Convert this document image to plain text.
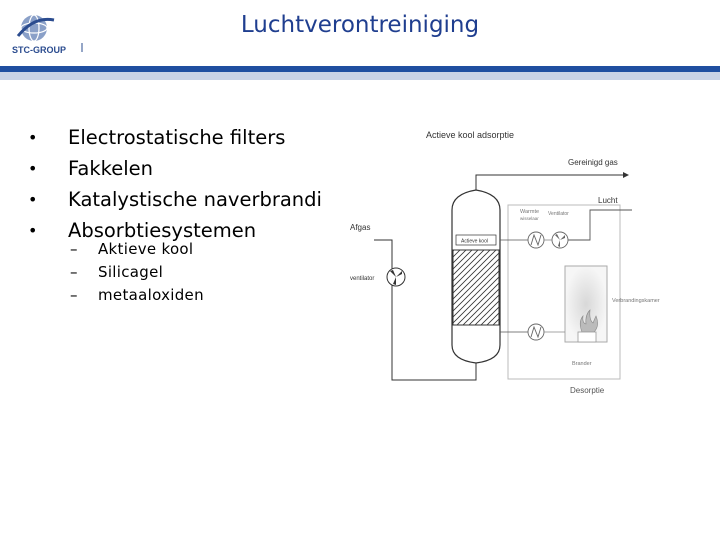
STC-GROUP
Luchtverontreiniging
• Electrostatische filters
• Fakkelen
• Katalystische naverbrandi
• Absorbtiesystemen
– Aktieve kool
– Silicagel
– metaaloxiden
Actieve kool adsorptie
Actieve kool
Gereinigd gas
Lucht
Afgas
ventilator
Warmte
wisselaar
Ventilator
Verbrandingskamer
Brander
Desorptie
